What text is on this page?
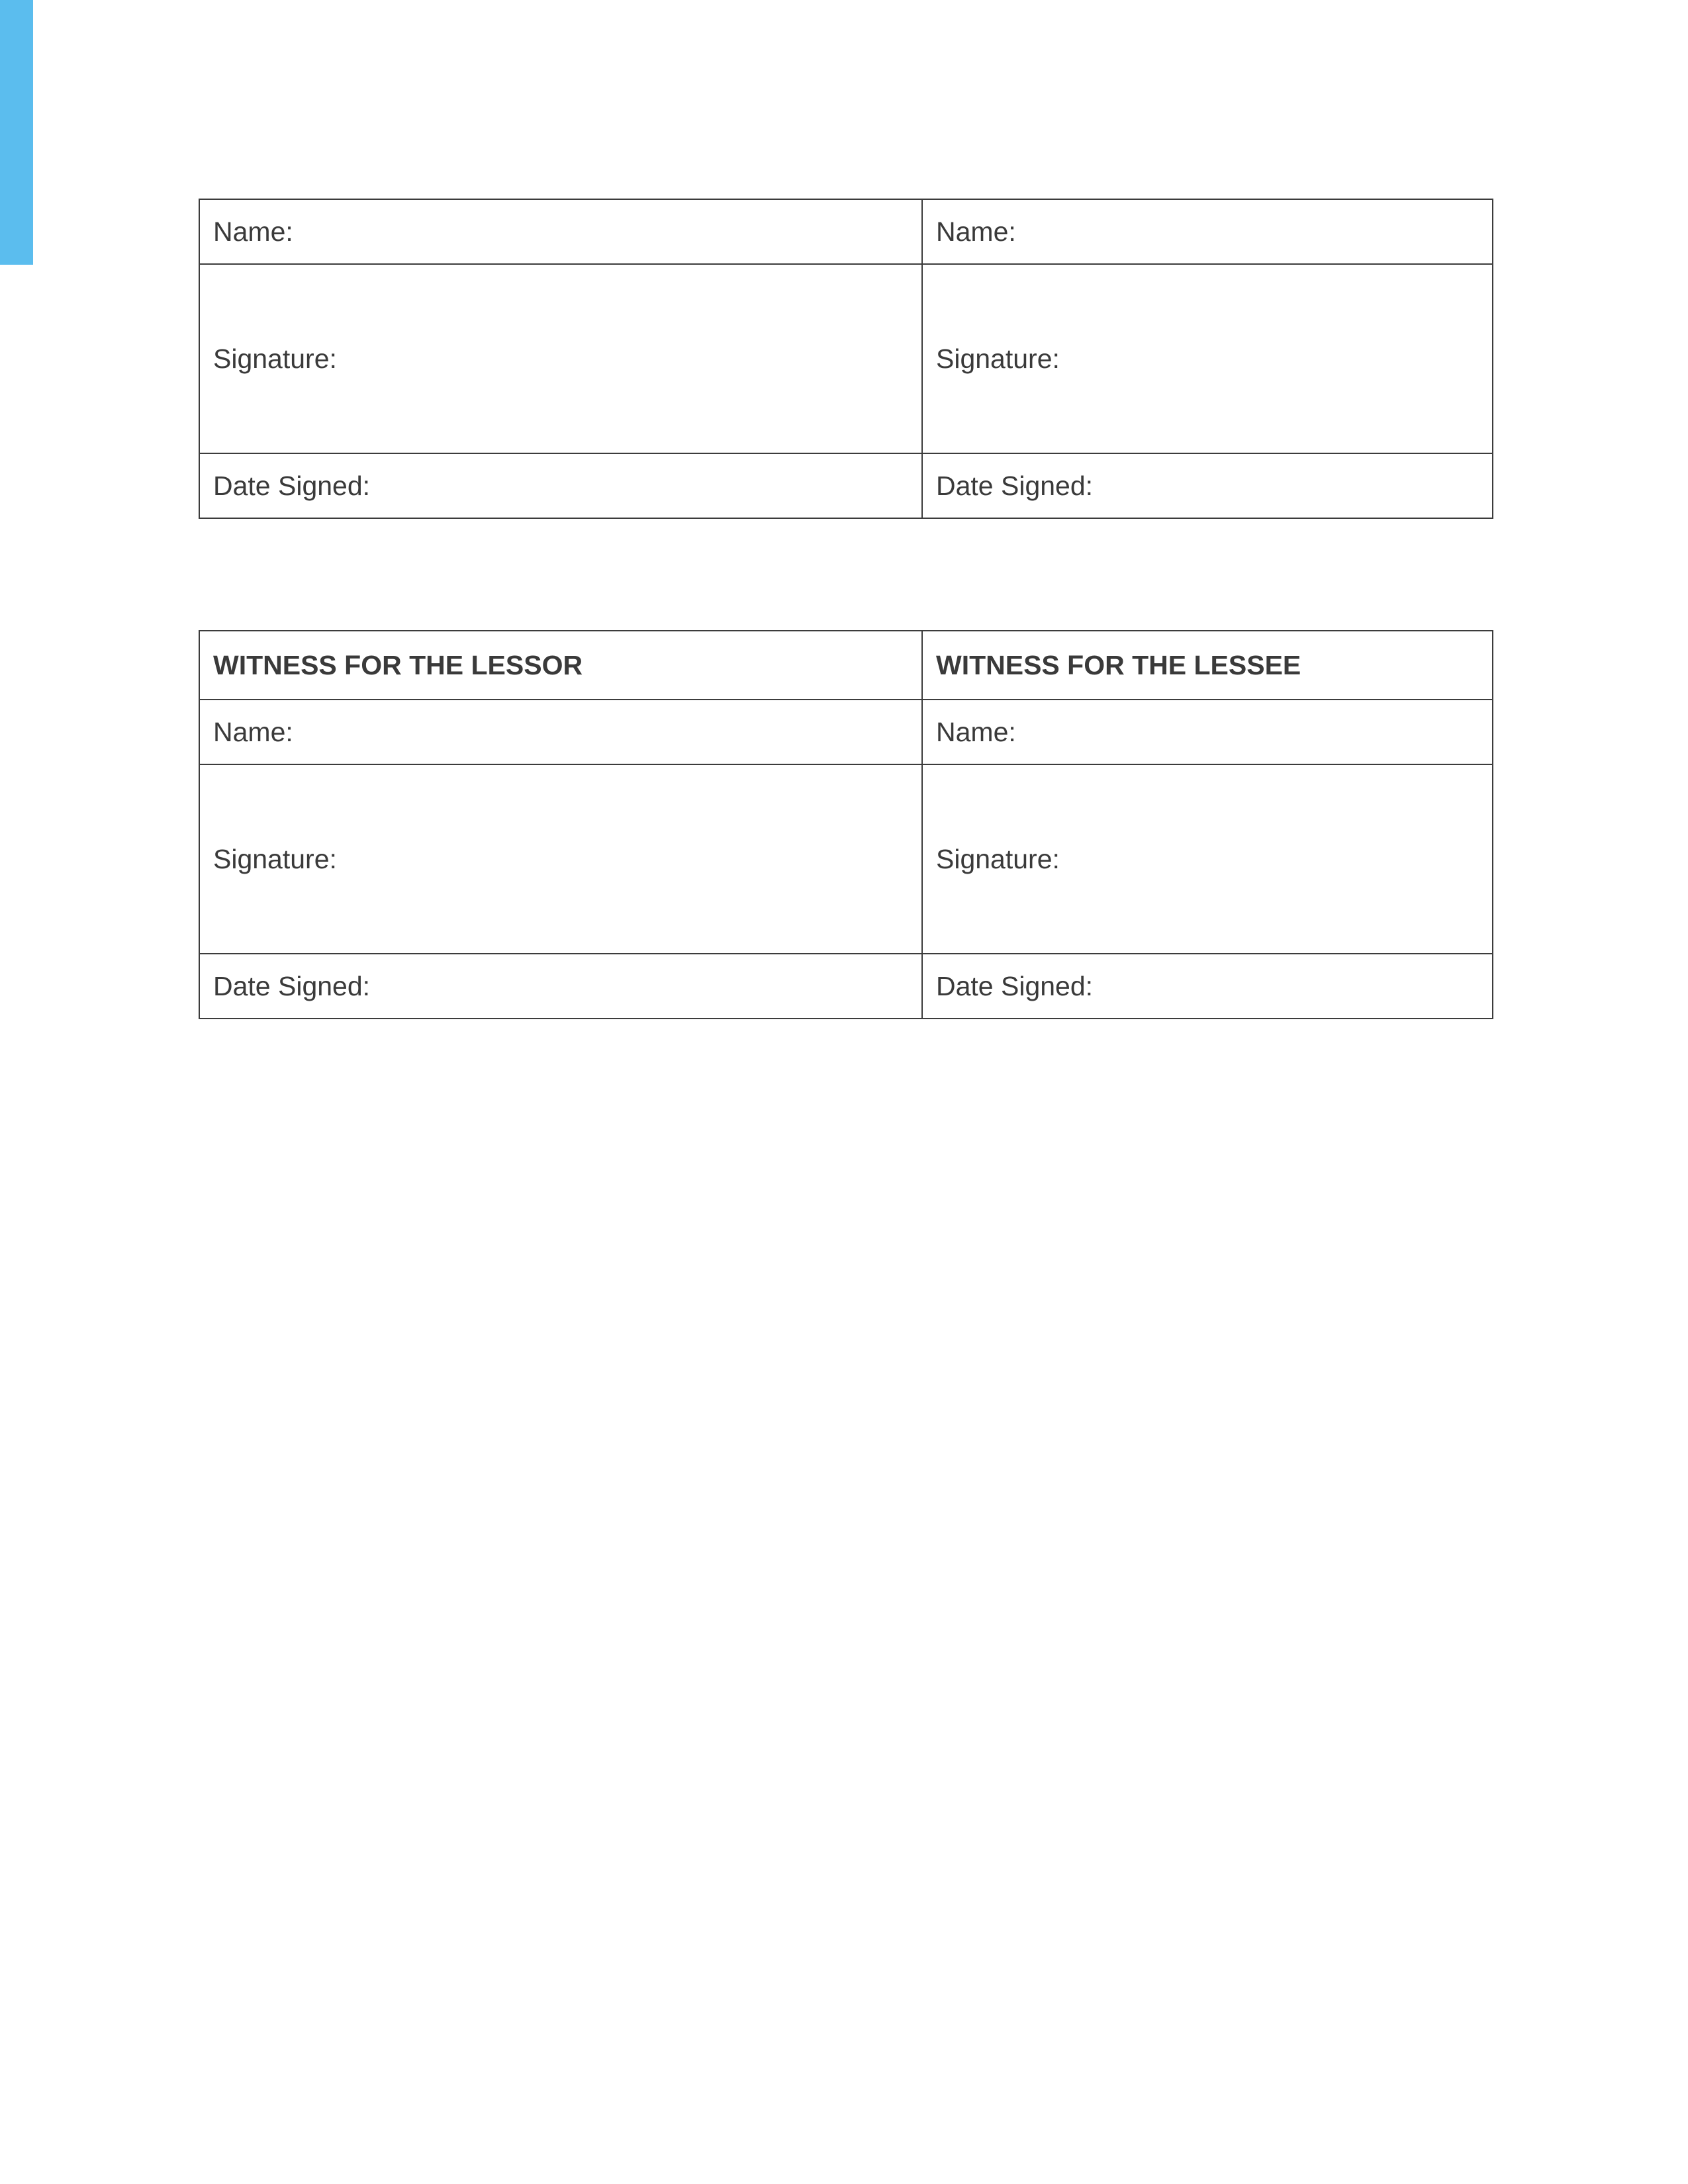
Name:	Name:
Signature:	Signature:
Date Signed:	Date Signed:
WITNESS FOR THE LESSOR	WITNESS FOR THE LESSEE
Name:	Name:
Signature:	Signature:
Date Signed:	Date Signed:
